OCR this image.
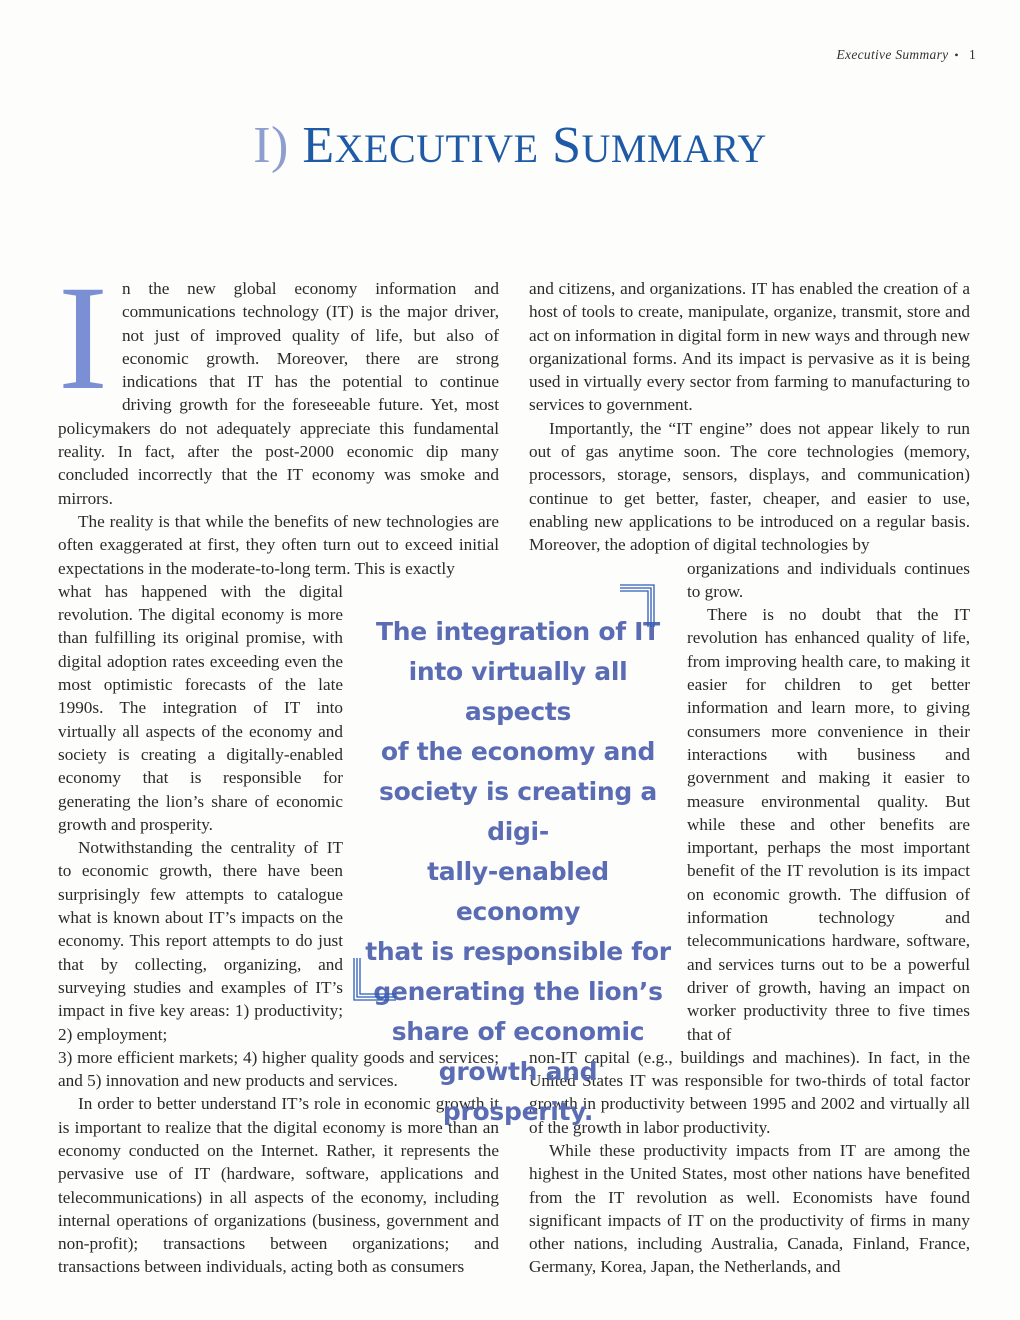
Executive Summary • 1
I) EXECUTIVE SUMMARY

In the new global economy information and communications technology (IT) is the major driver, not just of improved quality of life, but also of economic growth. Moreover, there are strong indications that IT has the potential to continue driving growth for the foreseeable future. Yet, most policymakers do not adequately appreciate this fundamental reality. In fact, after the post-2000 economic dip many concluded incorrectly that the IT economy was smoke and mirrors.

The reality is that while the benefits of new technologies are often exaggerated at first, they often turn out to exceed initial expectations in the moderate-to-long term. This is exactly

what has happened with the digital revolution. The digital economy is more than fulfilling its original promise, with digital adoption rates exceeding even the most optimistic forecasts of the late 1990s. The integration of IT into virtually all aspects of the economy and society is creating a digitally-enabled economy that is responsible for generating the lion’s share of economic growth and prosperity.
Notwithstanding the centrality of IT to economic growth, there have been surprisingly few attempts to catalogue what is known about IT’s impacts on the economy. This report attempts to do just that by collecting, organizing, and surveying studies and examples of IT’s impact in five key areas: 1) productivity; 2) employment;

3) more efficient markets; 4) higher quality goods and services; and 5) innovation and new products and services.

In order to better understand IT’s role in economic growth it is important to realize that the digital economy is more than an economy conducted on the Internet. Rather, it represents the pervasive use of IT (hardware, software, applications and telecommunications) in all aspects of the economy, including internal operations of organizations (business, government and non-profit); transactions between organizations; and transactions between individuals, acting both as consumers

and citizens, and organizations. IT has enabled the creation of a host of tools to create, manipulate, organize, transmit, store and act on information in digital form in new ways and through new organizational forms. And its impact is pervasive as it is being used in virtually every sector from farming to manufacturing to services to government.

Importantly, the “IT engine” does not appear likely to run out of gas anytime soon. The core technologies (memory, processors, storage, sensors, displays, and communication) continue to get better, faster, cheaper, and easier to use, enabling new applications to be introduced on a regular basis. Moreover, the adoption of digital technologies by

organizations and individuals continues to grow.
There is no doubt that the IT revolution has enhanced quality of life, from improving health care, to making it easier for children to get better information and learn more, to giving consumers more convenience in their interactions with business and government and making it easier to measure environmental quality. But while these and other benefits are important, perhaps the most important benefit of the IT revolution is its impact on economic growth. The diffusion of information technology and telecommunications hardware, software, and services turns out to be a powerful driver of growth, having an impact on worker productivity three to five times that of

non-IT capital (e.g., buildings and machines). In fact, in the United States IT was responsible for two-thirds of total factor growth in productivity between 1995 and 2002 and virtually all of the growth in labor productivity.

While these productivity impacts from IT are among the highest in the United States, most other nations have benefited from the IT revolution as well. Economists have found significant impacts of IT on the productivity of firms in many other nations, including Australia, Canada, Finland, France, Germany, Korea, Japan, the Netherlands, and

The integration of IT
into virtually all aspects
of the economy and
society is creating a digi-
tally-enabled economy
that is responsible for
generating the lion’s
share of economic
growth and prosperity.
